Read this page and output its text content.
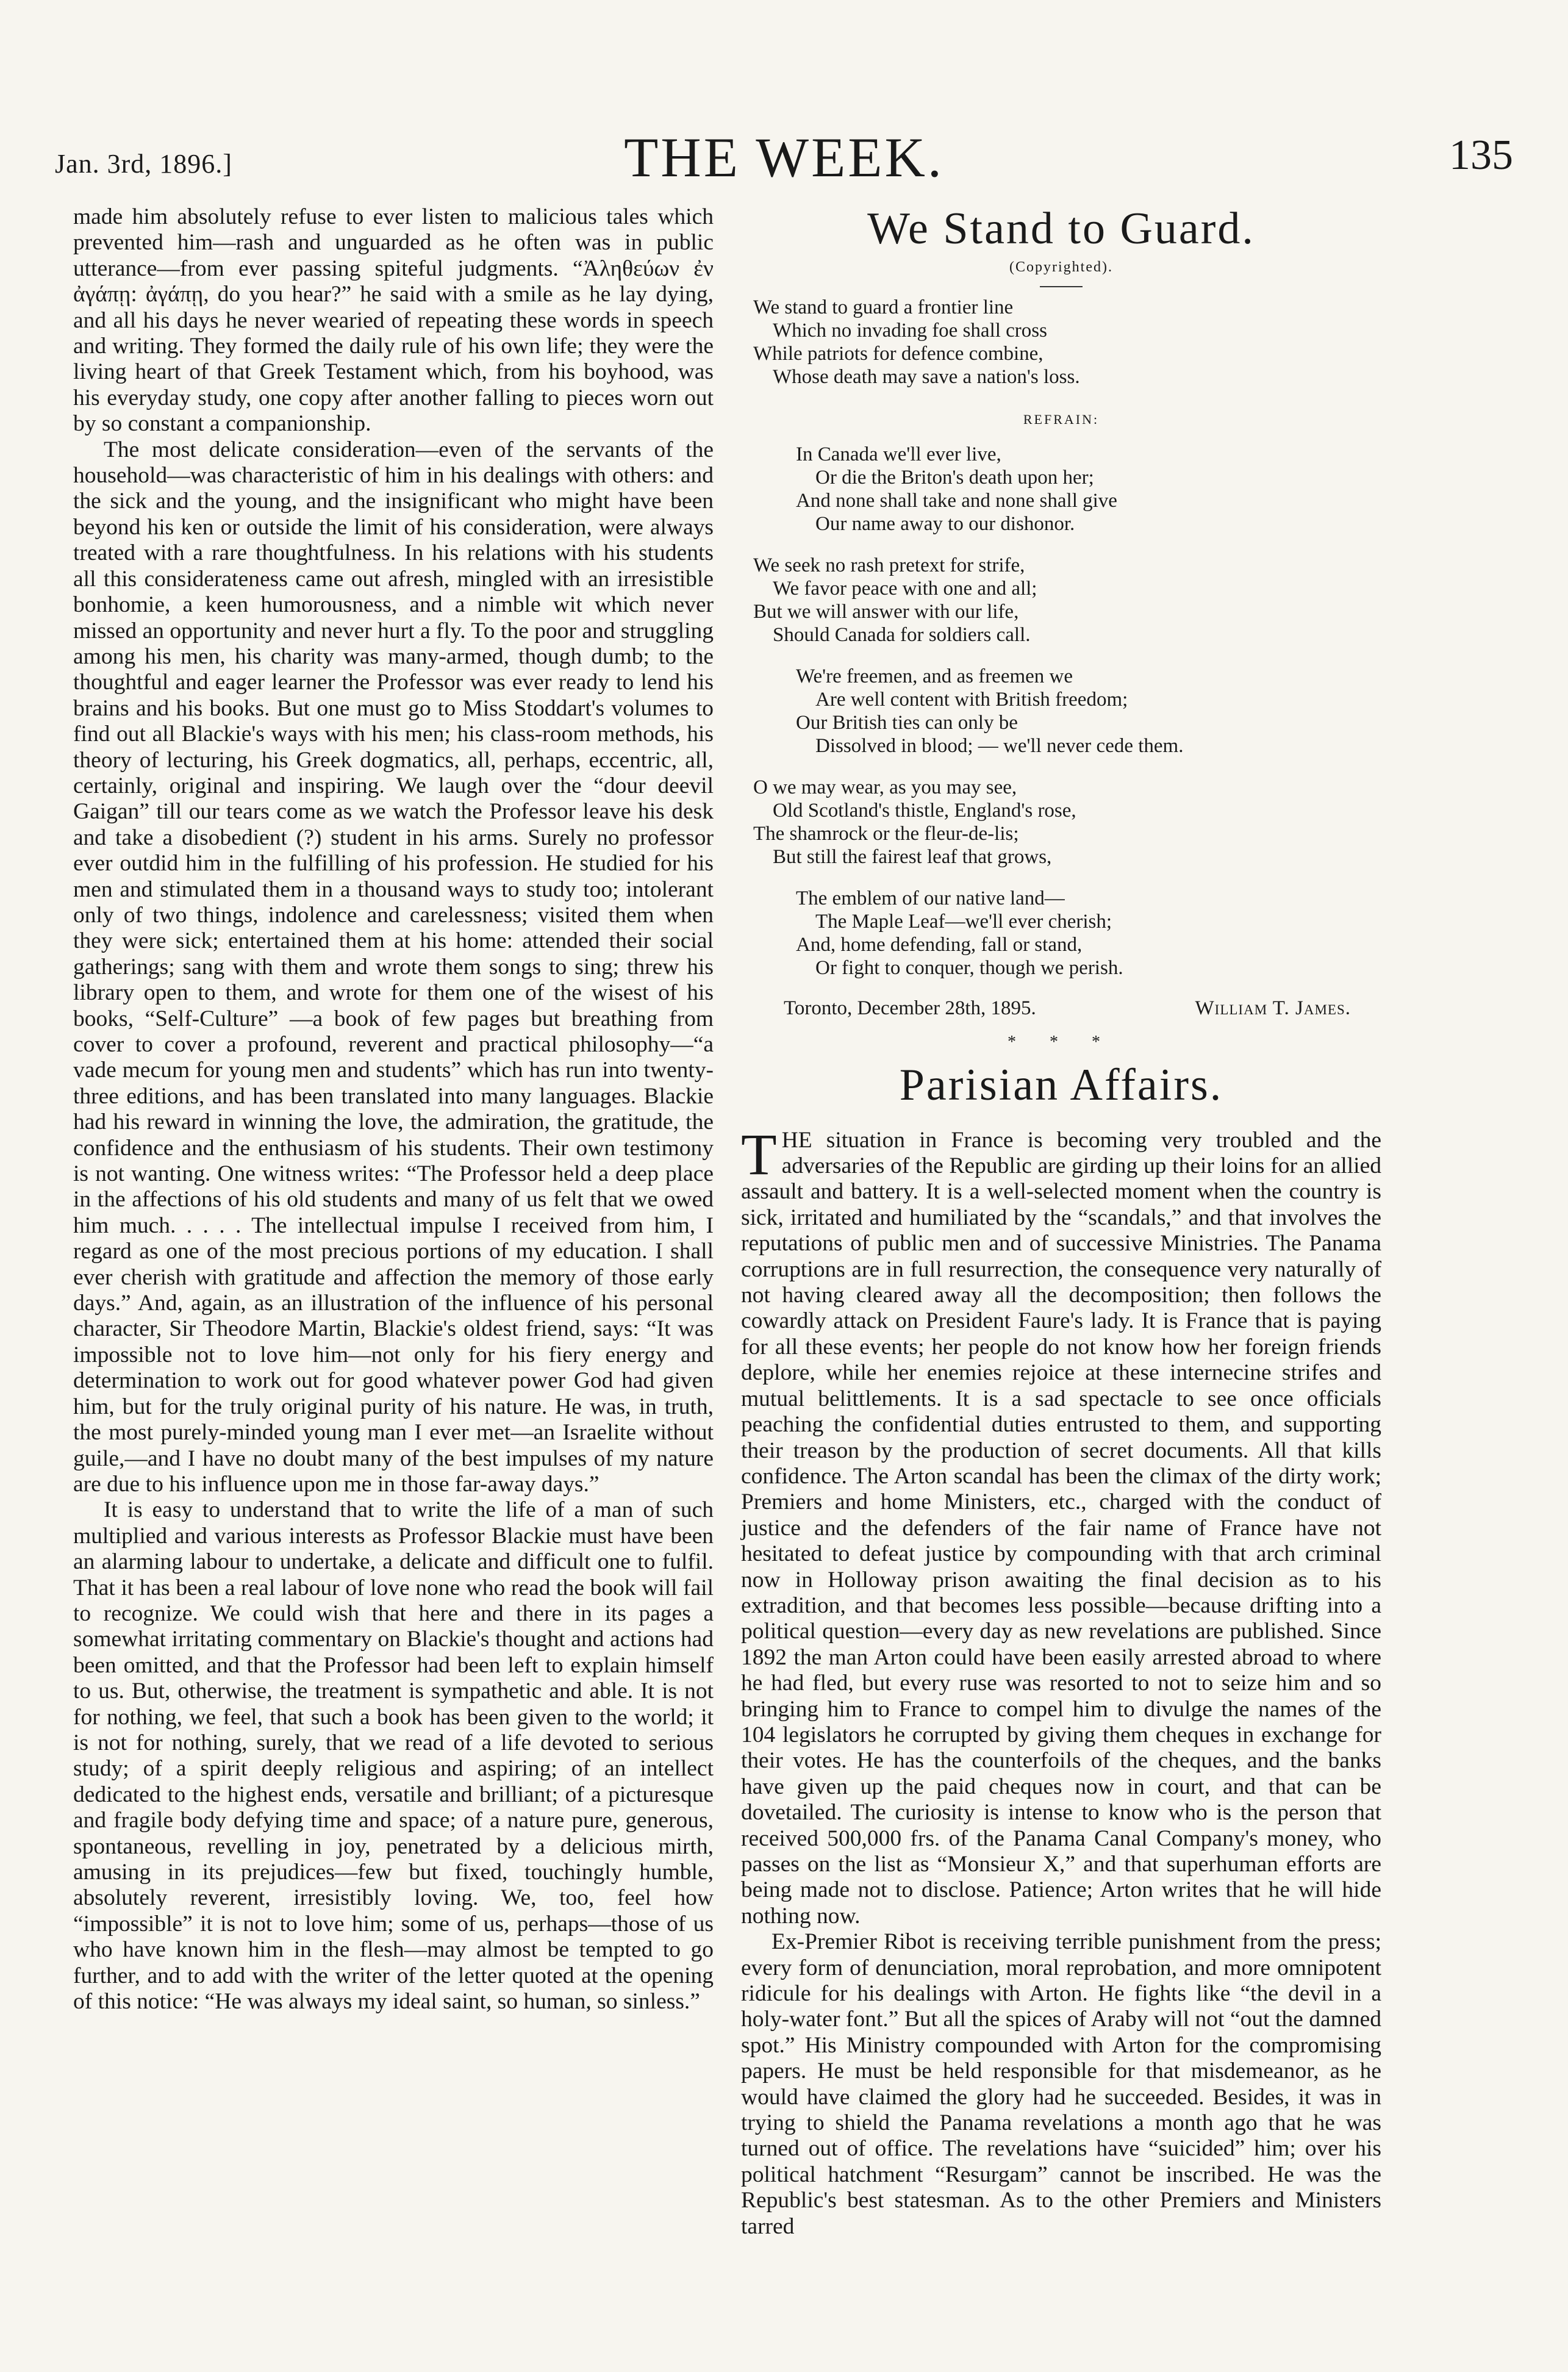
Jan. 3rd, 1896.]	THE WEEK.	135

made him absolutely refuse to ever listen to malicious tales which prevented him—rash and unguarded as he often was in public utterance—from ever passing spiteful judgments. “Ἀληθεύων ἐν ἀγάπῃ: ἀγάπῃ, do you hear?” he said with a smile as he lay dying, and all his days he never wearied of repeating these words in speech and writing. They formed the daily rule of his own life; they were the living heart of that Greek Testament which, from his boyhood, was his everyday study, one copy after another falling to pieces worn out by so constant a companionship.

The most delicate consideration—even of the servants of the household—was characteristic of him in his dealings with others: and the sick and the young, and the insignificant who might have been beyond his ken or outside the limit of his consideration, were always treated with a rare thoughtfulness. In his relations with his students all this considerateness came out afresh, mingled with an irresistible bonhomie, a keen humorousness, and a nimble wit which never missed an opportunity and never hurt a fly. To the poor and struggling among his men, his charity was many-armed, though dumb; to the thoughtful and eager learner the Professor was ever ready to lend his brains and his books. But one must go to Miss Stoddart's volumes to find out all Blackie's ways with his men; his class-room methods, his theory of lecturing, his Greek dogmatics, all, perhaps, eccentric, all, certainly, original and inspiring. We laugh over the “dour deevil Gaigan” till our tears come as we watch the Professor leave his desk and take a disobedient (?) student in his arms. Surely no professor ever outdid him in the fulfilling of his profession. He studied for his men and stimulated them in a thousand ways to study too; intolerant only of two things, indolence and carelessness; visited them when they were sick; entertained them at his home: attended their social gatherings; sang with them and wrote them songs to sing; threw his library open to them, and wrote for them one of the wisest of his books, “Self-Culture” —a book of few pages but breathing from cover to cover a profound, reverent and practical philosophy—“a vade mecum for young men and students” which has run into twenty-three editions, and has been translated into many languages. Blackie had his reward in winning the love, the admiration, the gratitude, the confidence and the enthusiasm of his students. Their own testimony is not wanting. One witness writes: “The Professor held a deep place in the affections of his old students and many of us felt that we owed him much. . . . . The intellectual impulse I received from him, I regard as one of the most precious portions of my education. I shall ever cherish with gratitude and affection the memory of those early days.” And, again, as an illustration of the influence of his personal character, Sir Theodore Martin, Blackie's oldest friend, says: “It was impossible not to love him—not only for his fiery energy and determination to work out for good whatever power God had given him, but for the truly original purity of his nature. He was, in truth, the most purely-minded young man I ever met—an Israelite without guile,—and I have no doubt many of the best impulses of my nature are due to his influence upon me in those far-away days.”

It is easy to understand that to write the life of a man of such multiplied and various interests as Professor Blackie must have been an alarming labour to undertake, a delicate and difficult one to fulfil. That it has been a real labour of love none who read the book will fail to recognize. We could wish that here and there in its pages a somewhat irritating commentary on Blackie's thought and actions had been omitted, and that the Professor had been left to explain himself to us. But, otherwise, the treatment is sympathetic and able. It is not for nothing, we feel, that such a book has been given to the world; it is not for nothing, surely, that we read of a life devoted to serious study; of a spirit deeply religious and aspiring; of an intellect dedicated to the highest ends, versatile and brilliant; of a picturesque and fragile body defying time and space; of a nature pure, generous, spontaneous, revelling in joy, penetrated by a delicious mirth, amusing in its prejudices—few but fixed, touchingly humble, absolutely reverent, irresistibly loving. We, too, feel how “impossible” it is not to love him; some of us, perhaps—those of us who have known him in the flesh—may almost be tempted to go further, and to add with the writer of the letter quoted at the opening of this notice: “He was always my ideal saint, so human, so sinless.”

We Stand to Guard.
(Copyrighted).
We stand to guard a frontier line
Which no invading foe shall cross
While patriots for defence combine,
Whose death may save a nation's loss.
REFRAIN:
In Canada we'll ever live,
Or die the Briton's death upon her;
And none shall take and none shall give
Our name away to our dishonor.
We seek no rash pretext for strife,
We favor peace with one and all;
But we will answer with our life,
Should Canada for soldiers call.
We're freemen, and as freemen we
Are well content with British freedom;
Our British ties can only be
Dissolved in blood; — we'll never cede them.
O we may wear, as you may see,
Old Scotland's thistle, England's rose,
The shamrock or the fleur-de-lis;
But still the fairest leaf that grows,
The emblem of our native land—
The Maple Leaf—we'll ever cherish;
And, home defending, fall or stand,
Or fight to conquer, though we perish.
Toronto, December 28th, 1895.	William T. James.
* * *
Parisian Affairs.

THE situation in France is becoming very troubled and the adversaries of the Republic are girding up their loins for an allied assault and battery. It is a well-selected moment when the country is sick, irritated and humiliated by the “scandals,” and that involves the reputations of public men and of successive Ministries. The Panama corruptions are in full resurrection, the consequence very naturally of not having cleared away all the decomposition; then follows the cowardly attack on President Faure's lady. It is France that is paying for all these events; her people do not know how her foreign friends deplore, while her enemies rejoice at these internecine strifes and mutual belittlements. It is a sad spectacle to see once officials peaching the confidential duties entrusted to them, and supporting their treason by the production of secret documents. All that kills confidence. The Arton scandal has been the climax of the dirty work; Premiers and home Ministers, etc., charged with the conduct of justice and the defenders of the fair name of France have not hesitated to defeat justice by compounding with that arch criminal now in Holloway prison awaiting the final decision as to his extradition, and that becomes less possible—because drifting into a political question—every day as new revelations are published. Since 1892 the man Arton could have been easily arrested abroad to where he had fled, but every ruse was resorted to not to seize him and so bringing him to France to compel him to divulge the names of the 104 legislators he corrupted by giving them cheques in exchange for their votes. He has the counterfoils of the cheques, and the banks have given up the paid cheques now in court, and that can be dovetailed. The curiosity is intense to know who is the person that received 500,000 frs. of the Panama Canal Company's money, who passes on the list as “Monsieur X,” and that superhuman efforts are being made not to disclose. Patience; Arton writes that he will hide nothing now.

Ex-Premier Ribot is receiving terrible punishment from the press; every form of denunciation, moral reprobation, and more omnipotent ridicule for his dealings with Arton. He fights like “the devil in a holy-water font.” But all the spices of Araby will not “out the damned spot.” His Ministry compounded with Arton for the compromising papers. He must be held responsible for that misdemeanor, as he would have claimed the glory had he succeeded. Besides, it was in trying to shield the Panama revelations a month ago that he was turned out of office. The revelations have “suicided” him; over his political hatchment “Resurgam” cannot be inscribed. He was the Republic's best statesman. As to the other Premiers and Ministers tarred
